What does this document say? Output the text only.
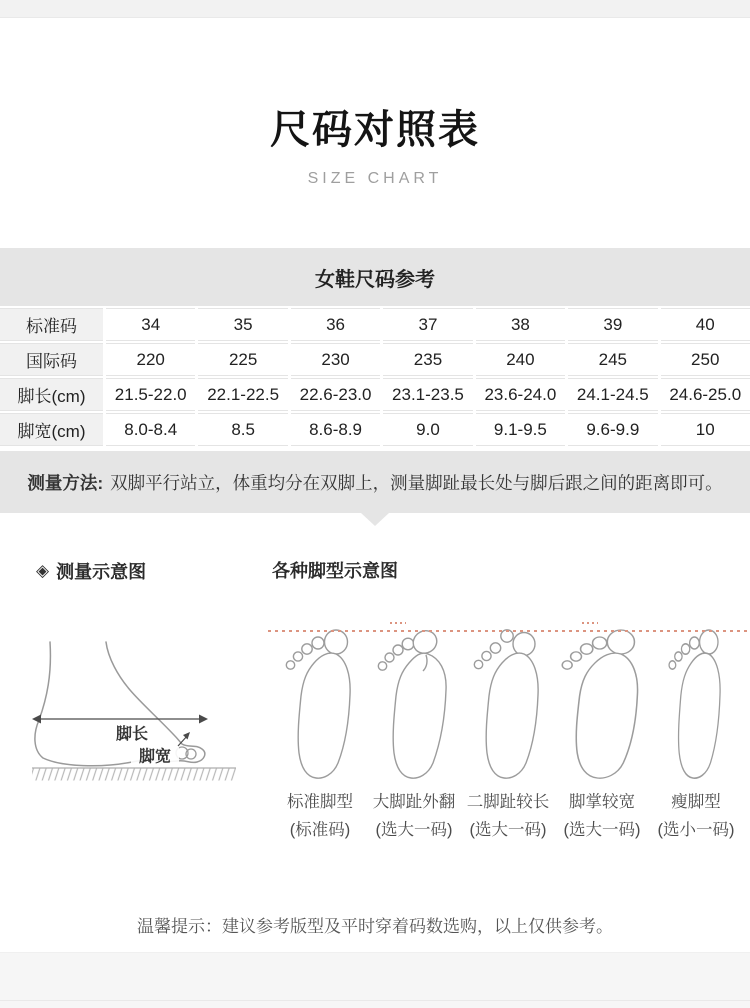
尺码对照表
SIZE CHART
女鞋尺码参考
标准码	34	35	36	37	38	39	40
国际码	220	225	230	235	240	245	250
脚长(cm)	21.5-22.0	22.1-22.5	22.6-23.0	23.1-23.5	23.6-24.0	24.1-24.5	24.6-25.0
脚宽(cm)	8.0-8.4	8.5	8.6-8.9	9.0	9.1-9.5	9.6-9.9	10
测量方法: 双脚平行站立，体重均分在双脚上，测量脚趾最长处与脚后跟之间的距离即可。
◈ 测量示意图
脚长
脚宽
各种脚型示意图
标准脚型
(标准码)
大脚趾外翻
(选大一码)
二脚趾较长
(选大一码)
脚掌较宽
(选大一码)
瘦脚型
(选小一码)
温馨提示：建议参考版型及平时穿着码数选购，以上仅供参考。
